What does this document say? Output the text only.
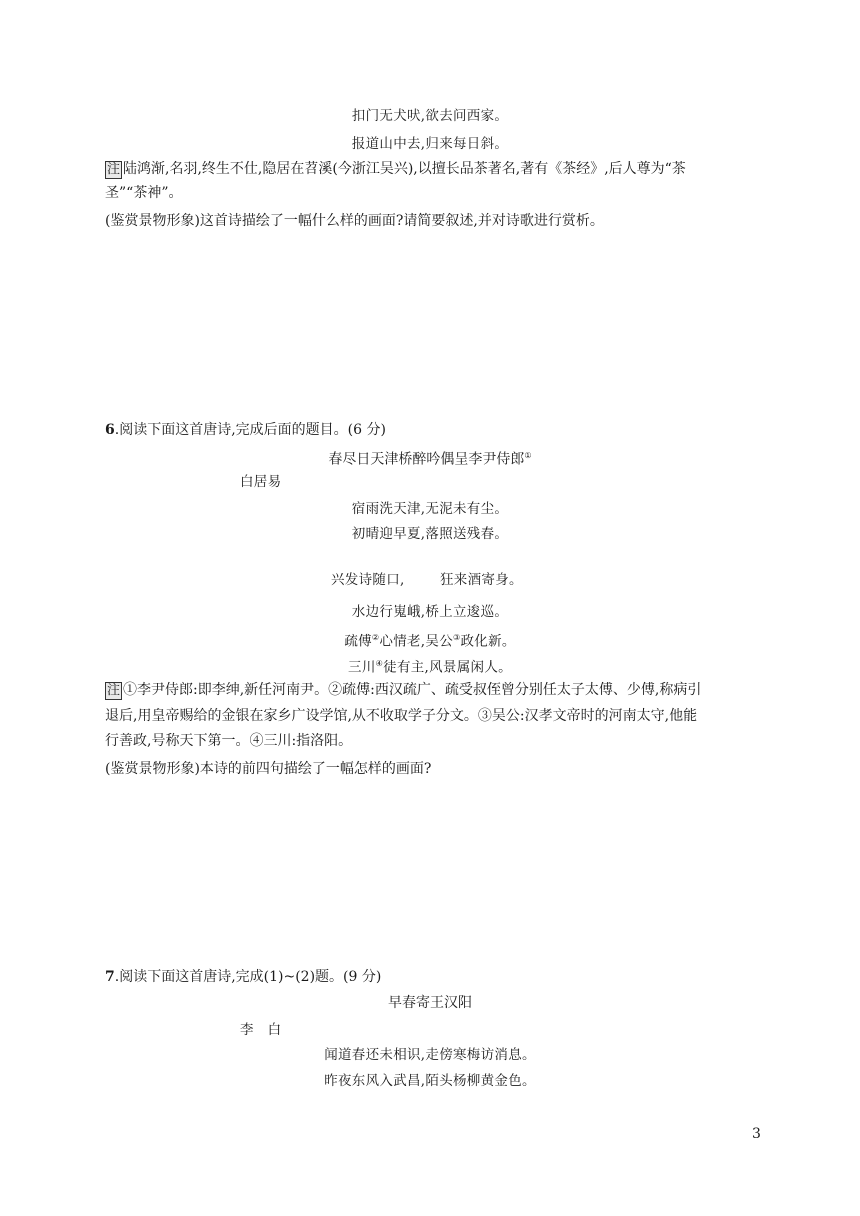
扣门无犬吠,欲去问西家。
报道山中去,归来每日斜。
注 陆鸿渐,名羽,终生不仕,隐居在苕溪(今浙江吴兴),以擅长品茶著名,著有《茶经》,后人尊为“茶
圣”“茶神”。
(鉴赏景物形象)这首诗描绘了一幅什么样的画面?请简要叙述,并对诗歌进行赏析。
6.阅读下面这首唐诗,完成后面的题目。(6 分)
春尽日天津桥醉吟偶呈李尹侍郎①
白居易
宿雨洗天津,无泥未有尘。
初晴迎早夏,落照送残春。
兴发诗随口,	狂来酒寄身。
水边行嵬峨,桥上立逡巡。
疏傅②心情老,吴公③政化新。
三川④徒有主,风景属闲人。
注 ①李尹侍郎:即李绅,新任河南尹。②疏傅:西汉疏广、疏受叔侄曾分别任太子太傅、少傅,称病引
退后,用皇帝赐给的金银在家乡广设学馆,从不收取学子分文。③吴公:汉孝文帝时的河南太守,他能
行善政,号称天下第一。④三川:指洛阳。
(鉴赏景物形象)本诗的前四句描绘了一幅怎样的画面?
7.阅读下面这首唐诗,完成(1)~(2)题。(9 分)
早春寄王汉阳
李　白
闻道春还未相识,走傍寒梅访消息。
昨夜东风入武昌,陌头杨柳黄金色。
3
